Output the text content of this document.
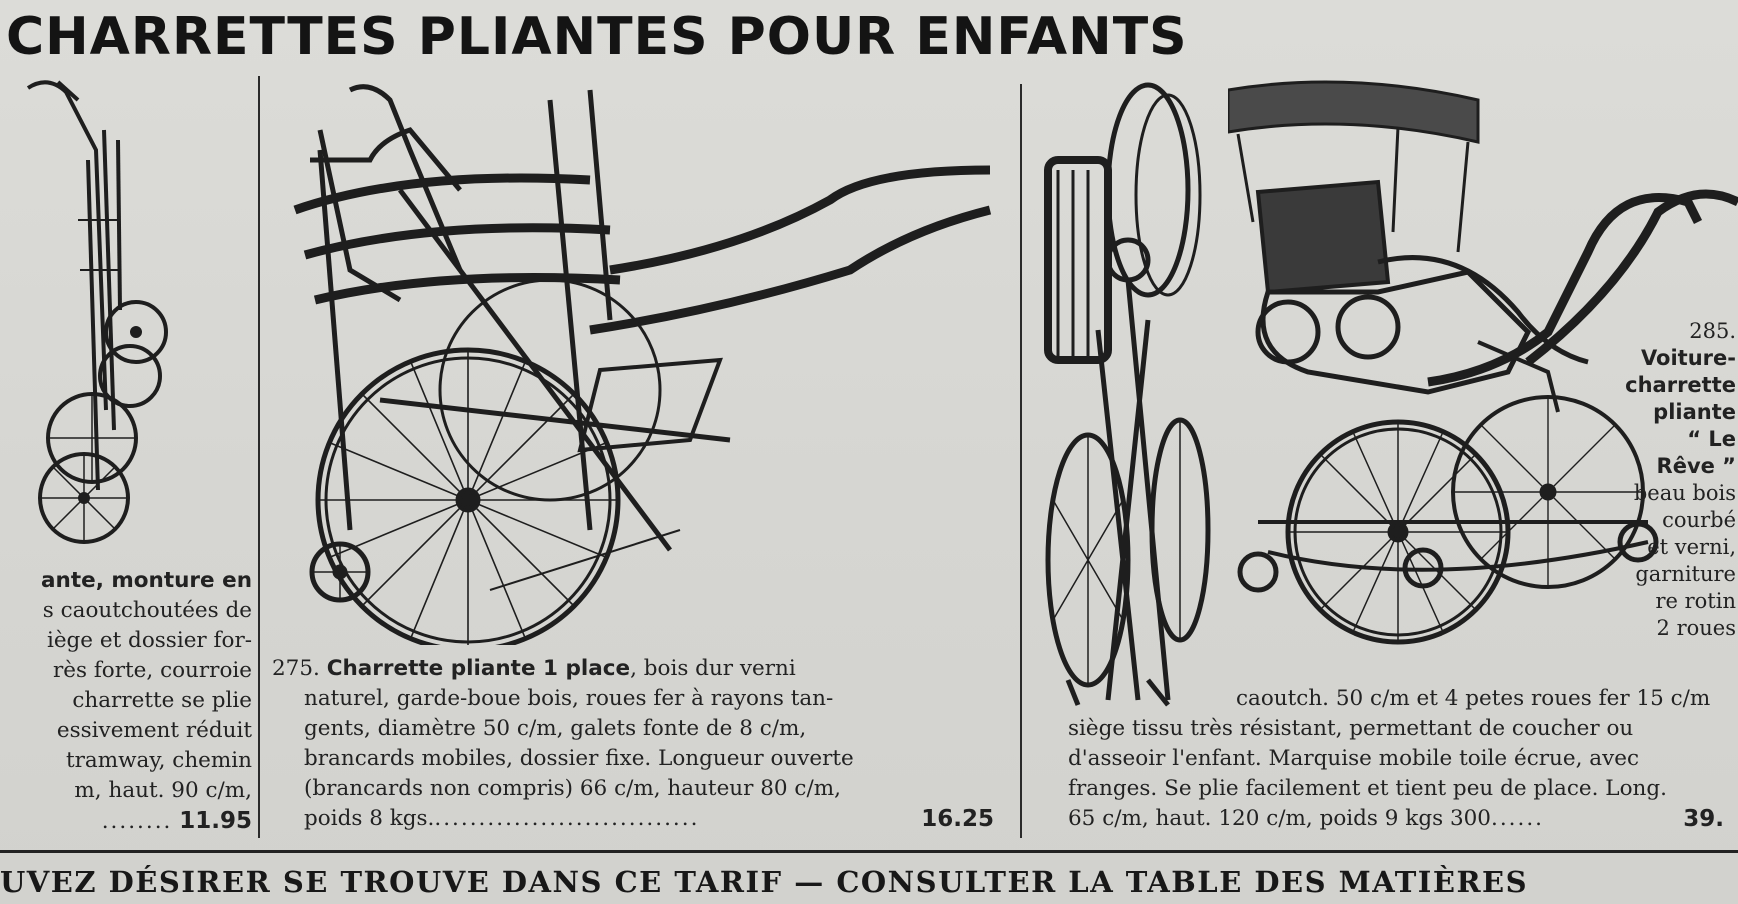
CHARRETTES PLIANTES POUR ENFANTS
ante, monture en
s caoutchoutées de
iège et dossier for-
rès forte, courroie
charrette se plie
essivement réduit
tramway, chemin
m, haut. 90 c/m,
........ 11.95
275. Charrette pliante 1 place, bois dur verni
naturel, garde-boue bois, roues fer à rayons tan-
gents, diamètre 50 c/m, galets fonte de 8 c/m,
brancards mobiles, dossier fixe. Longueur ouverte
(brancards non compris) 66 c/m, hauteur 80 c/m,
poids 8 kgs...............................	16.25
285.
Voiture-
charrette
pliante
“ Le
Rêve ”
beau bois
courbé
et verni,
garniture
re rotin
2 roues
caoutch. 50 c/m et 4 petes roues fer 15 c/m
siège tissu très résistant, permettant de coucher ou
d'asseoir l'enfant. Marquise mobile toile écrue, avec
franges. Se plie facilement et tient peu de place. Long.
65 c/m, haut. 120 c/m, poids 9 kgs 300......	39.
UVEZ DÉSIRER SE TROUVE DANS CE TARIF — CONSULTER LA TABLE DES MATIÈRES
